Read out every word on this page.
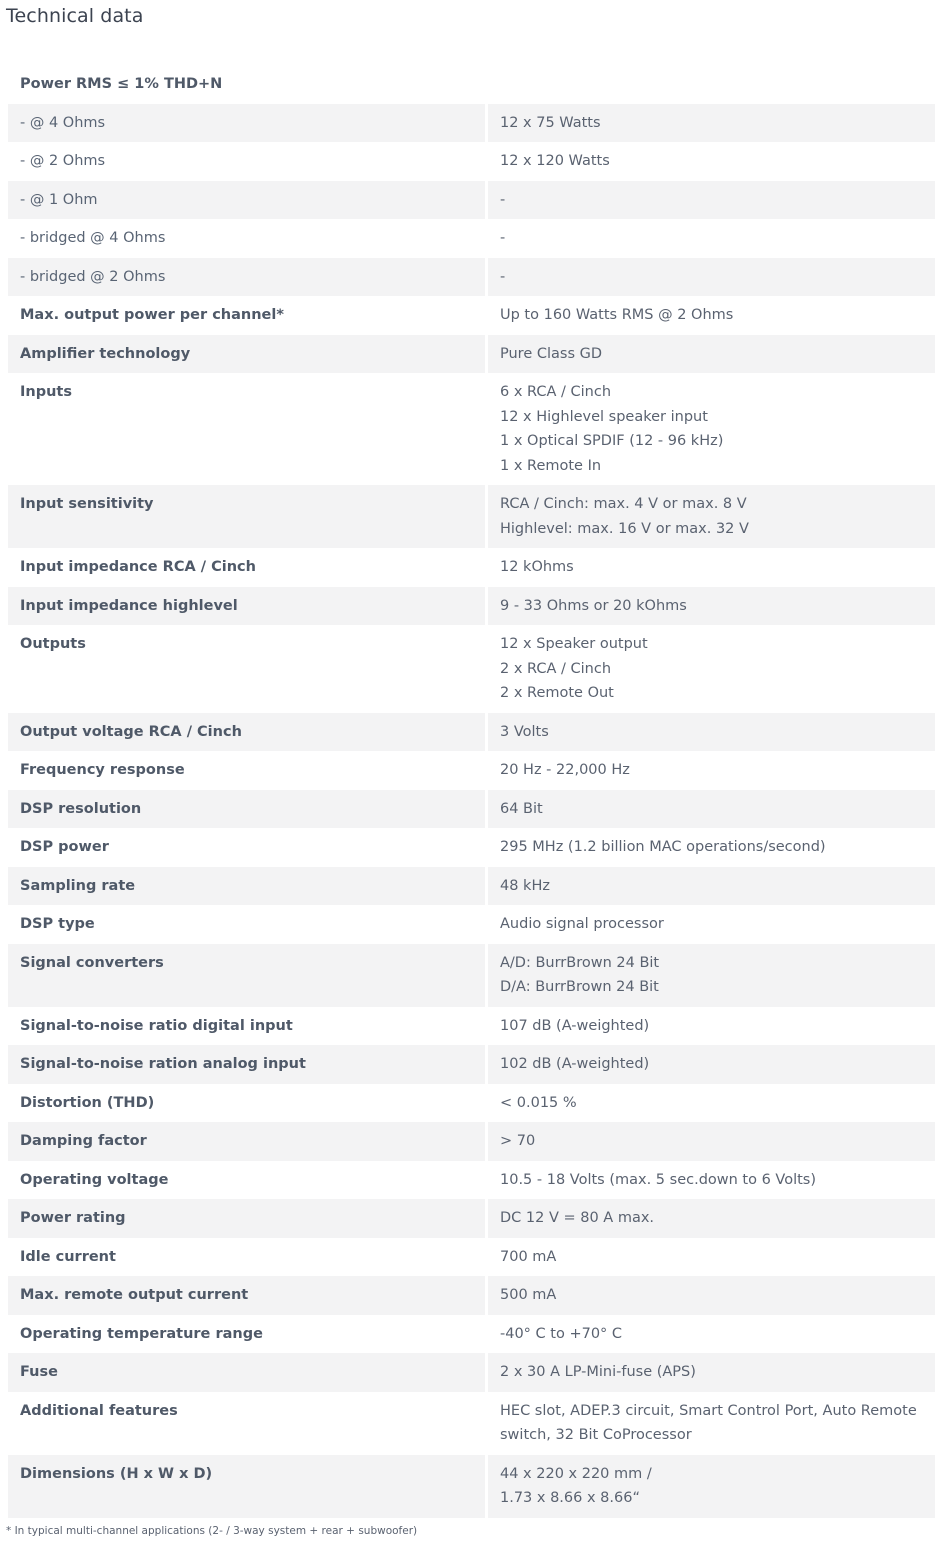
Technical data
Power RMS ≤ 1% THD+N	
- @ 4 Ohms	12 x 75 Watts
- @ 2 Ohms	12 x 120 Watts
- @ 1 Ohm	-
- bridged @ 4 Ohms	-
- bridged @ 2 Ohms	-
Max. output power per channel*	Up to 160 Watts RMS @ 2 Ohms
Amplifier technology	Pure Class GD
Inputs	6 x RCA / Cinch
12 x Highlevel speaker input
1 x Optical SPDIF (12 - 96 kHz)
1 x Remote In

Input sensitivity	RCA / Cinch: max. 4 V or max. 8 V
Highlevel: max. 16 V or max. 32 V

Input impedance RCA / Cinch	12 kOhms
Input impedance highlevel	9 - 33 Ohms or 20 kOhms
Outputs	12 x Speaker output
2 x RCA / Cinch
2 x Remote Out

Output voltage RCA / Cinch	3 Volts
Frequency response	20 Hz - 22,000 Hz
DSP resolution	64 Bit
DSP power	295 MHz (1.2 billion MAC operations/second)
Sampling rate	48 kHz
DSP type	Audio signal processor
Signal converters	A/D: BurrBrown 24 Bit
D/A: BurrBrown 24 Bit

Signal-to-noise ratio digital input	107 dB (A-weighted)
Signal-to-noise ration analog input	102 dB (A-weighted)
Distortion (THD)	< 0.015 %
Damping factor	> 70
Operating voltage	10.5 - 18 Volts (max. 5 sec.down to 6 Volts)
Power rating	DC 12 V = 80 A max.
Idle current	700 mA
Max. remote output current	500 mA
Operating temperature range	-40° C to +70° C
Fuse	2 x 30 A LP-Mini-fuse (APS)
Additional features	HEC slot, ADEP.3 circuit, Smart Control Port, Auto Remote switch, 32 Bit CoProcessor
Dimensions (H x W x D)	44 x 220 x 220 mm /
1.73 x 8.66 x 8.66“
* In typical multi-channel applications (2- / 3-way system + rear + subwoofer)
